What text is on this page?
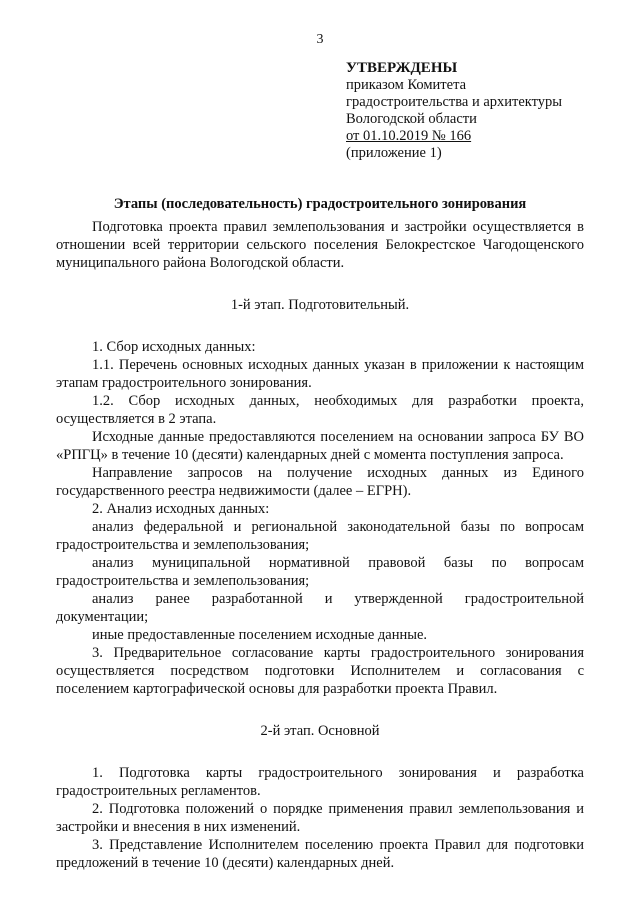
3
УТВЕРЖДЕНЫ
приказом Комитета
градостроительства и архитектуры
Вологодской области
от 01.10.2019 № 166
(приложение 1)
Этапы (последовательность) градостроительного зонирования

Подготовка проекта правил землепользования и застройки осуществляется в отношении всей территории сельского поселения Белокрестское Чагодощенского муниципального района Вологодской области.

1-й этап. Подготовительный.

1. Сбор исходных данных:

1.1. Перечень основных исходных данных указан в приложении к настоящим этапам градостроительного зонирования.

1.2. Сбор исходных данных, необходимых для разработки проекта, осуществляется в 2 этапа.

Исходные данные предоставляются поселением на основании запроса БУ ВО «РПГЦ» в течение 10 (десяти) календарных дней с момента поступления запроса.

Направление запросов на получение исходных данных из Единого государственного реестра недвижимости (далее – ЕГРН).

2. Анализ исходных данных:

анализ федеральной и региональной законодательной базы по вопросам градостроительства и землепользования;

анализ муниципальной нормативной правовой базы по вопросам градостроительства и землепользования;

анализ ранее разработанной и утвержденной градостроительной документации;

иные предоставленные поселением исходные данные.

3. Предварительное согласование карты градостроительного зонирования осуществляется посредством подготовки Исполнителем и согласования с поселением картографической основы для разработки проекта Правил.

2-й этап. Основной

1. Подготовка карты градостроительного зонирования и разработка градостроительных регламентов.

2. Подготовка положений о порядке применения правил землепользования и застройки и внесения в них изменений.

3. Представление Исполнителем поселению проекта Правил для подготовки предложений в течение 10 (десяти) календарных дней.
